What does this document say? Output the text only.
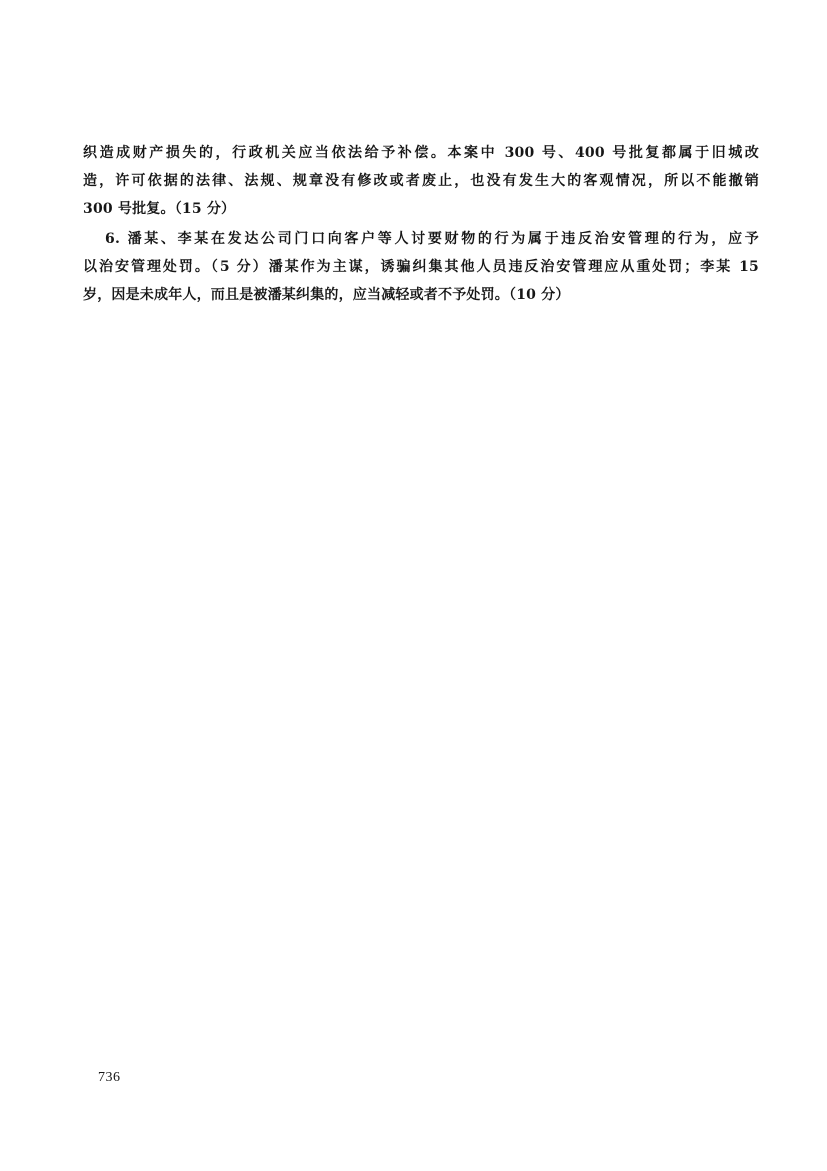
织造成财产损失的，行政机关应当依法给予补偿。本案中 300 号、400 号批复都属于旧城改
造，许可依据的法律、法规、规章没有修改或者废止，也没有发生大的客观情况，所以不能撤销
300 号批复。（15 分）
6. 潘某、李某在发达公司门口向客户等人讨要财物的行为属于违反治安管理的行为，应予
以治安管理处罚。（5 分）潘某作为主谋，诱骗纠集其他人员违反治安管理应从重处罚；李某 15
岁，因是未成年人，而且是被潘某纠集的，应当减轻或者不予处罚。（10 分）
736
